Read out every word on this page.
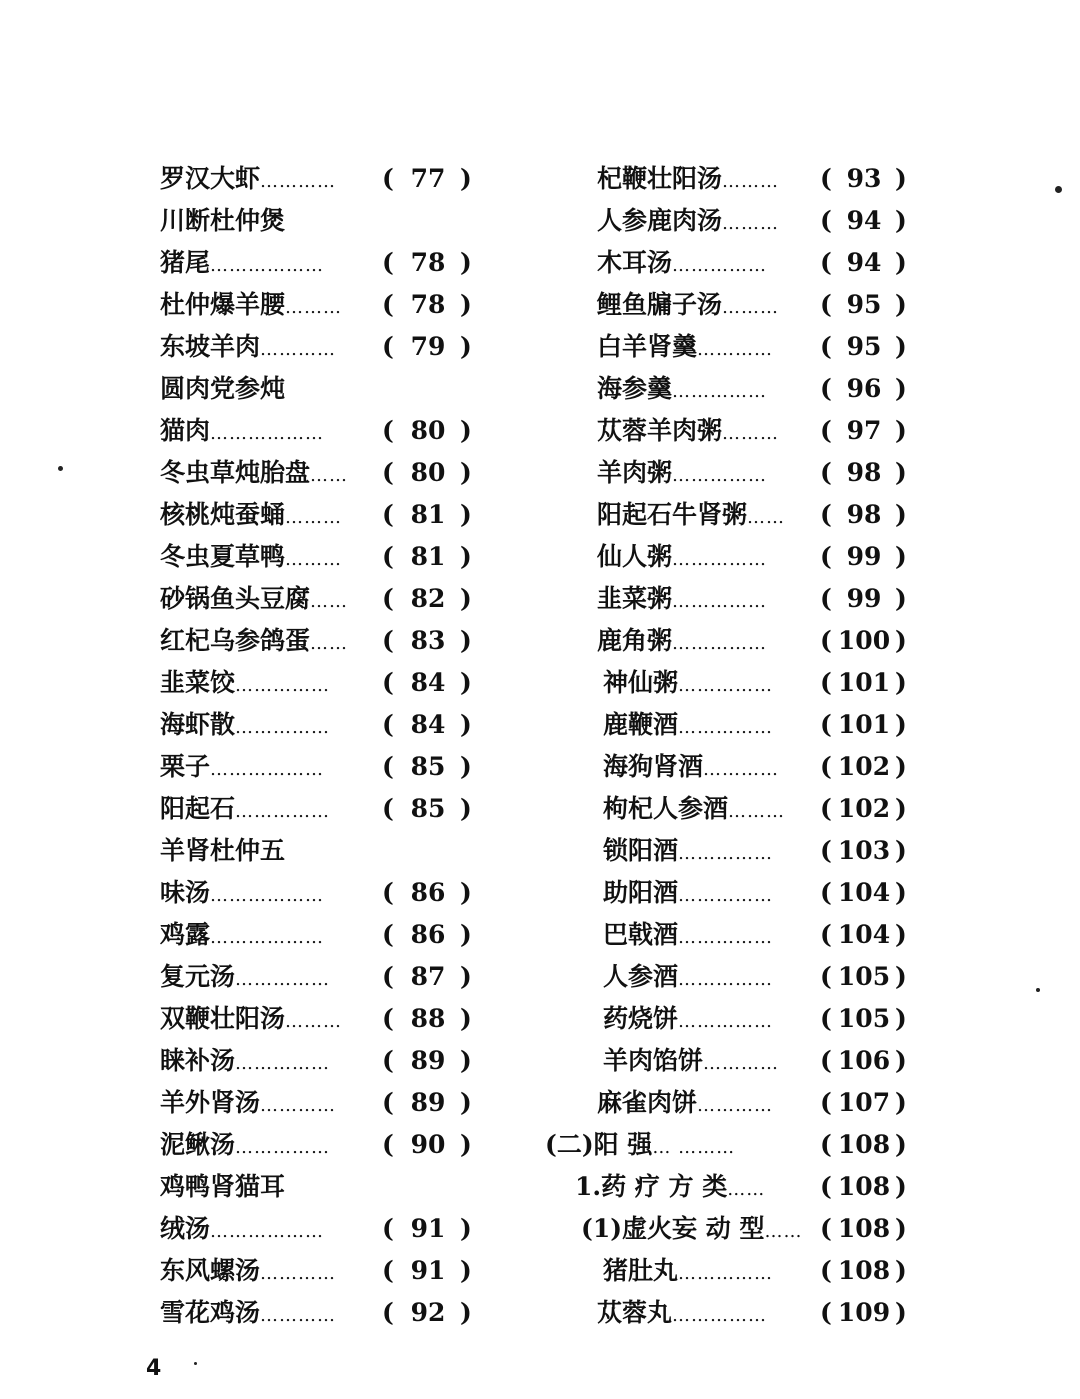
罗汉大虾………… ( 77 )
川断杜仲煲
猪尾……………… ( 78 )
杜仲爆羊腰……… ( 78 )
东坡羊肉………… ( 79 )
圆肉党参炖
猫肉……………… ( 80 )
冬虫草炖胎盘…… ( 80 )
核桃炖蚕蛹……… ( 81 )
冬虫夏草鸭……… ( 81 )
砂锅鱼头豆腐…… ( 82 )
红杞乌参鸽蛋…… ( 83 )
韭菜饺…………… ( 84 )
海虾散…………… ( 84 )
栗子……………… ( 85 )
阳起石…………… ( 85 )
羊肾杜仲五
味汤……………… ( 86 )
鸡露……………… ( 86 )
复元汤…………… ( 87 )
双鞭壮阳汤……… ( 88 )
睐补汤…………… ( 89 )
羊外肾汤………… ( 89 )
泥鳅汤…………… ( 90 )
鸡鸭肾猫耳
绒汤……………… ( 91 )
东风螺汤………… ( 91 )
雪花鸡汤………… ( 92 )
杞鞭壮阳汤……… ( 93 )
人参鹿肉汤……… ( 94 )
木耳汤…………… ( 94 )
鲤鱼牖子汤……… ( 95 )
白羊肾羹………… ( 95 )
海参羹…………… ( 96 )
苁蓉羊肉粥……… ( 97 )
羊肉粥…………… ( 98 )
阳起石牛肾粥…… ( 98 )
仙人粥…………… ( 99 )
韭菜粥…………… ( 99 )
鹿角粥…………… ( 100 )
神仙粥…………… ( 101 )
鹿鞭酒…………… ( 101 )
海狗肾酒………… ( 102 )
枸杞人参酒……… ( 102 )
锁阳酒…………… ( 103 )
助阳酒…………… ( 104 )
巴戟酒…………… ( 104 )
人参酒…………… ( 105 )
药烧饼…………… ( 105 )
羊肉馅饼………… ( 106 )
麻雀肉饼………… ( 107 )
(二)阳 强… ………	( 108 )
1.药 疗 方 类…… ( 108 )
(1)虚火妄 动 型…… ( 108 )
猪肚丸…………… ( 108 )
苁蓉丸…………… ( 109 )
4
